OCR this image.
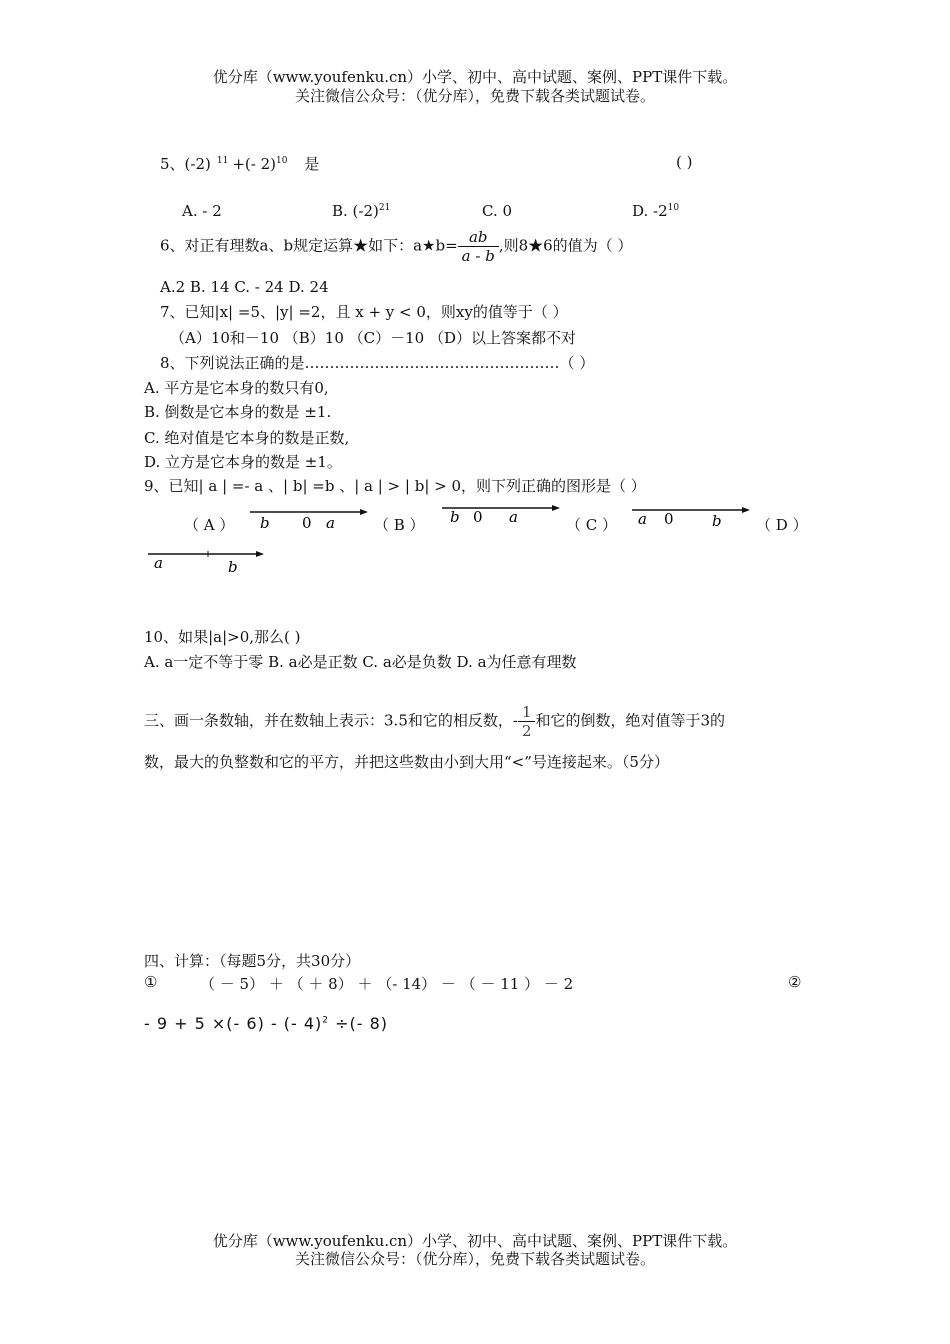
优分库（www.youfenku.cn）小学、初中、高中试题、案例、PPT课件下载。
关注微信公众号：（优分库），免费下载各类试题试卷。
5、(-2) $^{11}$ +(- 2)$^{10}$ 是	( )
A. - 2	B. $(-2)^{21}$	C. 0	D. $-2^{10}$
6、对正有理数a、b规定运算★如下：a★b= $\frac{ab}{a - b}$ ,则8★6的值为（ ）
A.2 B. 14 C. - 24 D. 24
7、已知|x| =5、|y| =2，且 x + y < 0，则xy的值等于（ ）
（A）10和－10 （B）10 （C）－10 （D）以上答案都不对
8、下列说法正确的是……………………………………………（ ）
A. 平方是它本身的数只有0,
B. 倒数是它本身的数是 ±1.
C. 绝对值是它本身的数是正数,
D. 立方是它本身的数是 ±1。
9、已知| a | =- a 、| b| =b 、| a | > | b| > 0，则下列正确的图形是（ ）
（ A ）	（ B ）	（ C ）	（ D ）
b 0 a	b 0 a	a 0	b
a	b
10、如果|a|>0,那么( )
A. a一定不等于零 B. a必是正数 C. a必是负数 D. a为任意有理数
三、画一条数轴，并在数轴上表示：3.5和它的相反数，- $\frac{1}{2}$ 和它的倒数，绝对值等于3的
数，最大的负整数和它的平方，并把这些数由小到大用“<”号连接起来。（5分）
四、计算：（每题5分，共30分）
①	（ － 5） ＋ （ ＋ 8） ＋ （- 14） － （ － 11 ） － 2	②
- 9 + 5 ×(- 6) - (- 4)$^2$ ÷(- 8)
优分库（www.youfenku.cn）小学、初中、高中试题、案例、PPT课件下载。
关注微信公众号：（优分库），免费下载各类试题试卷。
